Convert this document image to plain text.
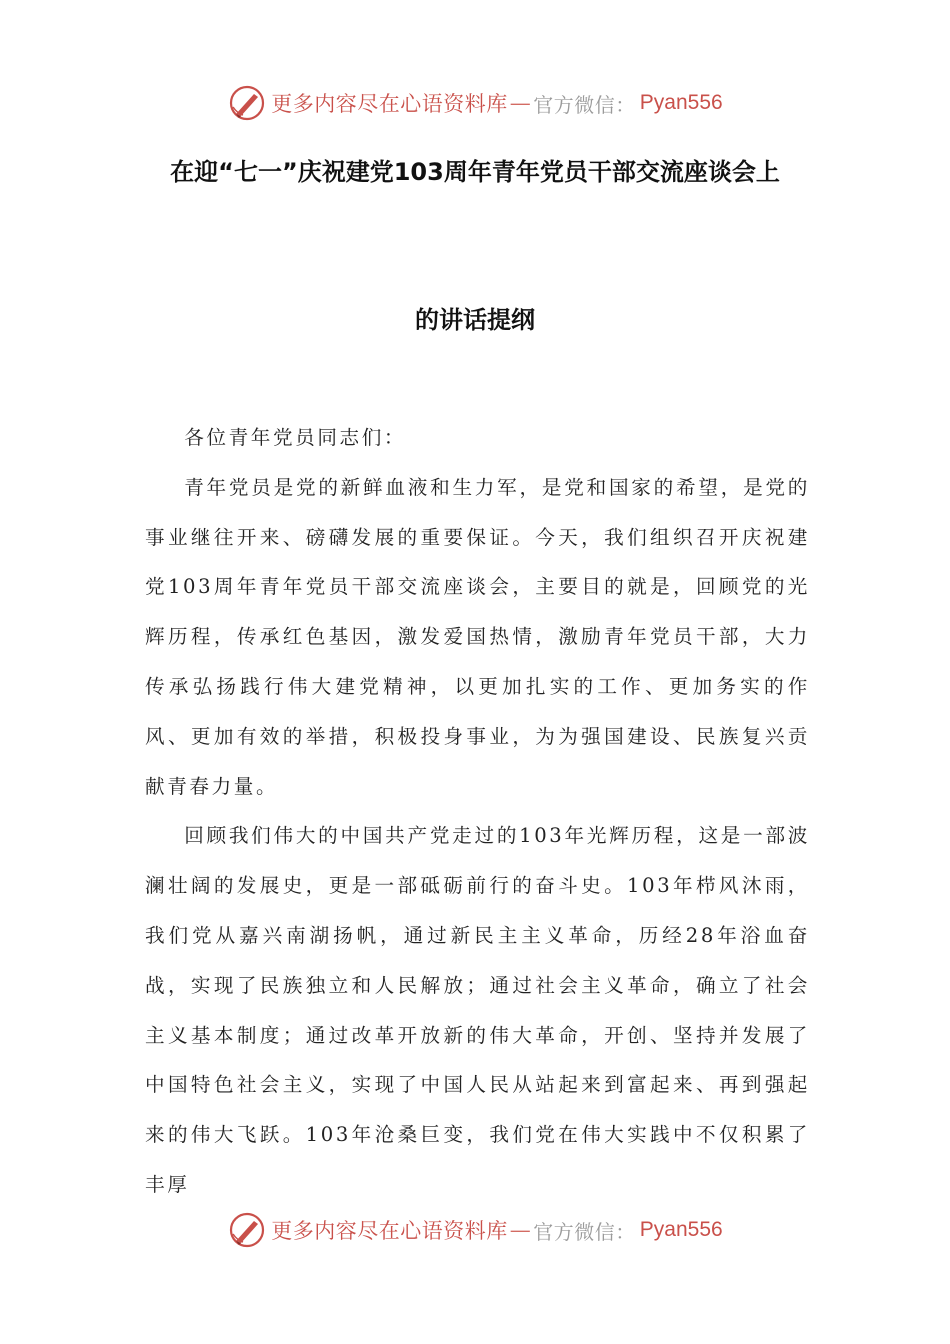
更多内容尽在心语资料库 — 官方微信： Pyan556
在迎“七一”庆祝建党103周年青年党员干部交流座谈会上
的讲话提纲

各位青年党员同志们：

青年党员是党的新鲜血液和生力军，是党和国家的希望，是党的事业继往开来、磅礴发展的重要保证。今天，我们组织召开庆祝建党103周年青年党员干部交流座谈会，主要目的就是，回顾党的光辉历程，传承红色基因，激发爱国热情，激励青年党员干部，大力传承弘扬践行伟大建党精神，以更加扎实的工作、更加务实的作风、更加有效的举措，积极投身事业，为为强国建设、民族复兴贡献青春力量。

回顾我们伟大的中国共产党走过的103年光辉历程，这是一部波澜壮阔的发展史，更是一部砥砺前行的奋斗史。103年栉风沐雨，我们党从嘉兴南湖扬帆，通过新民主主义革命，历经28年浴血奋战，实现了民族独立和人民解放；通过社会主义革命，确立了社会主义基本制度；通过改革开放新的伟大革命，开创、坚持并发展了中国特色社会主义，实现了中国人民从站起来到富起来、再到强起来的伟大飞跃。103年沧桑巨变，我们党在伟大实践中不仅积累了丰厚

更多内容尽在心语资料库 — 官方微信： Pyan556
